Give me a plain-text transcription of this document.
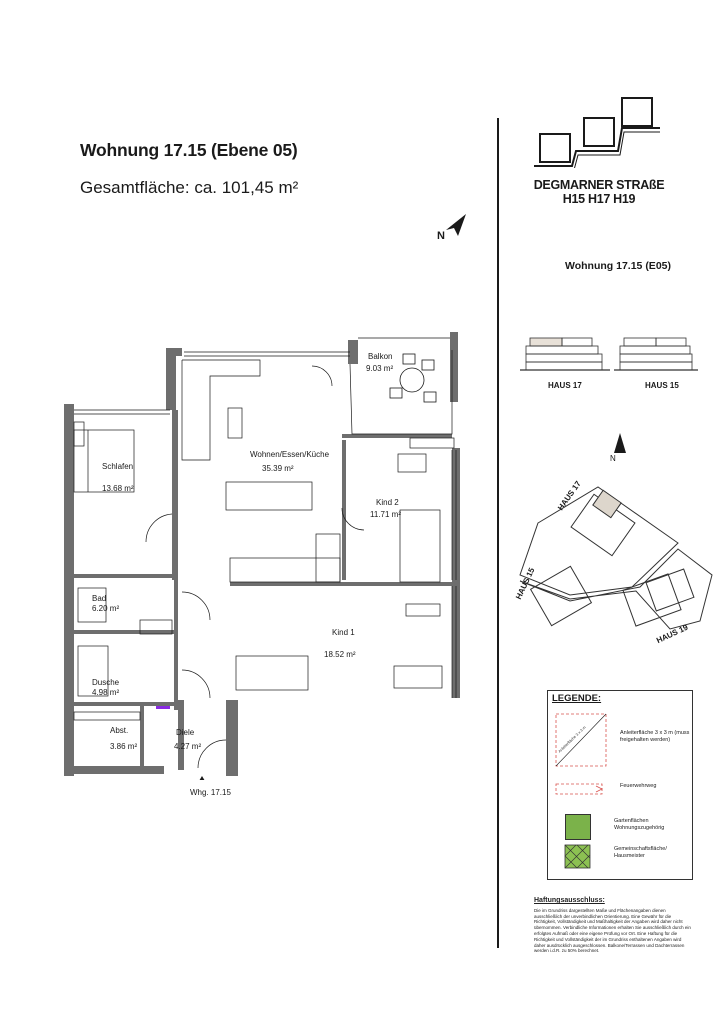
Wohnung 17.15 (Ebene 05)
Gesamtfläche: ca. 101,45 m²
N
DEGMARNER STRAßE
H15 H17 H19
Wohnung 17.15 (E05)
HAUS 17	HAUS 15
N
HAUS 17
HAUS 15
HAUS 19
Balkon
9.03 m²
Schlafen
13.68 m²
Wohnen/Essen/Küche
35.39 m²
Kind 2
11.71 m²
Bad
6.20 m²
Kind 1
18.52 m²
Dusche
4.98 m²
Abst.
3.86 m²
Diele
4.27 m²
Whg. 17.15
LEGENDE:
Anleiterfläche 3 x 3 m	Anleiterfläche 3 x 3 m (muss freigehalten werden)
Feuerwehrweg
Gartenflächen Wohnungszugehörig
Gemeinschaftsfläche/ Hausmeister
Haftungsausschluss:
Die im Grundriss dargestellten Maße und Flächenangaben dienen ausschließlich der unverbindlichen Orientierung. Eine Gewähr für die Richtigkeit, Vollständigkeit und Maßhaltigkeit der Angaben wird daher nicht übernommen. Verbindliche Informationen erhalten Sie ausschließlich durch ein erfolgtes Aufmaß oder eine eigene Prüfung vor Ort. Eine Haftung für die Richtigkeit und Vollständigkeit der im Grundriss enthaltenen Angaben wird daher ausdrücklich ausgeschlossen. Balkone/Terrassen und Dachterrassen werden i.d.R. zu 50% berechnet.
